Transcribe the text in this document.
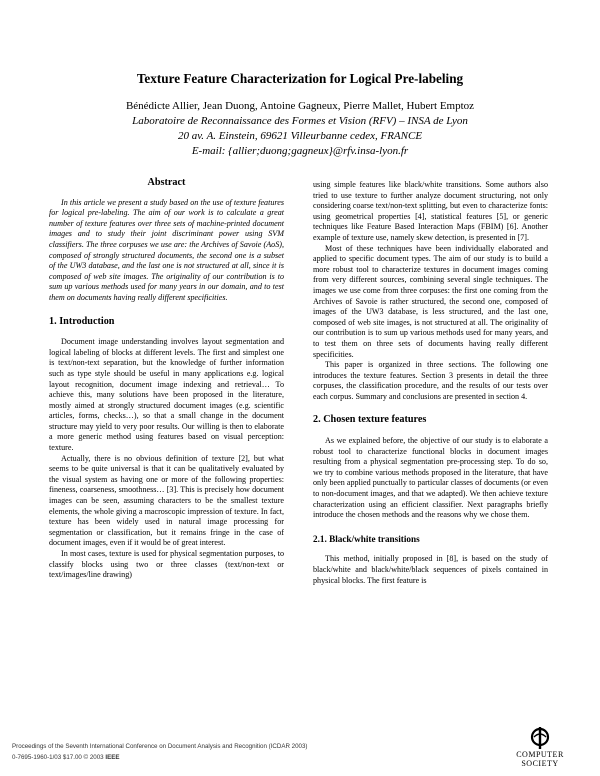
Texture Feature Characterization for Logical Pre-labeling
Bénédicte Allier, Jean Duong, Antoine Gagneux, Pierre Mallet, Hubert Emptoz
Laboratoire de Reconnaissance des Formes et Vision (RFV) – INSA de Lyon
20 av. A. Einstein, 69621 Villeurbanne cedex, FRANCE
E-mail: {allier;duong;gagneux}@rfv.insa-lyon.fr
Abstract

In this article we present a study based on the use of texture features for logical pre-labeling. The aim of our work is to calculate a great number of texture features over three sets of machine-printed document images and to study their joint discriminant power using SVM classifiers. The three corpuses we use are: the Archives of Savoie (AoS), composed of strongly structured documents, the second one is a subset of the UW3 database, and the last one is not structured at all, since it is composed of web site images. The originality of our contribution is to sum up various methods used for many years in our domain, and to test them on documents having really different specificities.

1. Introduction

Document image understanding involves layout segmentation and logical labeling of blocks at different levels. The first and simplest one is text/non-text separation, but the knowledge of further information such as type style should be useful in many applications e.g. logical layout recognition, document image indexing and retrieval… To achieve this, many solutions have been proposed in the literature, mostly aimed at strongly structured document images (e.g. scientific articles, forms, checks…), so that a small change in the document structure may yield to very poor results. Our willing is then to elaborate a more generic method using features based on visual perception: texture.

Actually, there is no obvious definition of texture [2], but what seems to be quite universal is that it can be qualitatively evaluated by the visual system as having one or more of the following properties: fineness, coarseness, smoothness… [3]. This is precisely how document images can be seen, assuming characters to be the smallest texture elements, the whole giving a macroscopic impression of texture. In fact, texture has been widely used in natural image processing for segmentation or classification, but it remains fringe in the case of document images, even if it would be of great interest.

In most cases, texture is used for physical segmentation purposes, to classify blocks using two or three classes (text/non-text or text/images/line drawing)

using simple features like black/white transitions. Some authors also tried to use texture to further analyze document structuring, not only considering coarse text/non-text splitting, but even to characterize fonts: using geometrical properties [4], statistical features [5], or generic techniques like Feature Based Interaction Maps (FBIM) [6]. Another example of texture use, namely skew detection, is presented in [7].

Most of these techniques have been individually elaborated and applied to specific document types. The aim of our study is to build a more robust tool to characterize textures in document images coming from very different sources, combining several single techniques. The images we use come from three corpuses: the first one coming from the Archives of Savoie is rather structured, the second one, composed of images of the UW3 database, is less structured, and the last one, composed of web site images, is not structured at all. The originality of our contribution is to sum up various methods used for many years, and to test them on three sets of documents having really different specificities.

This paper is organized in three sections. The following one introduces the texture features. Section 3 presents in detail the three corpuses, the classification procedure, and the results of our tests over each corpus. Summary and conclusions are presented in section 4.

2. Chosen texture features

As we explained before, the objective of our study is to elaborate a robust tool to characterize functional blocks in document images resulting from a physical segmentation pre-processing step. To do so, we try to combine various methods proposed in the literature, that have only been applied punctually to particular classes of documents (or even to non-document images, and that we adapted). We then achieve texture characterization using an efficient classifier. Next paragraphs briefly introduce the chosen methods and the reasons why we chose them.

2.1. Black/white transitions

This method, initially proposed in [8], is based on the study of black/white and black/white/black sequences of pixels contained in physical blocks. The first feature is

Proceedings of the Seventh International Conference on Document Analysis and Recognition (ICDAR 2003)
0-7695-1960-1/03 $17.00 © 2003 IEEE	COMPUTER
SOCIETY
